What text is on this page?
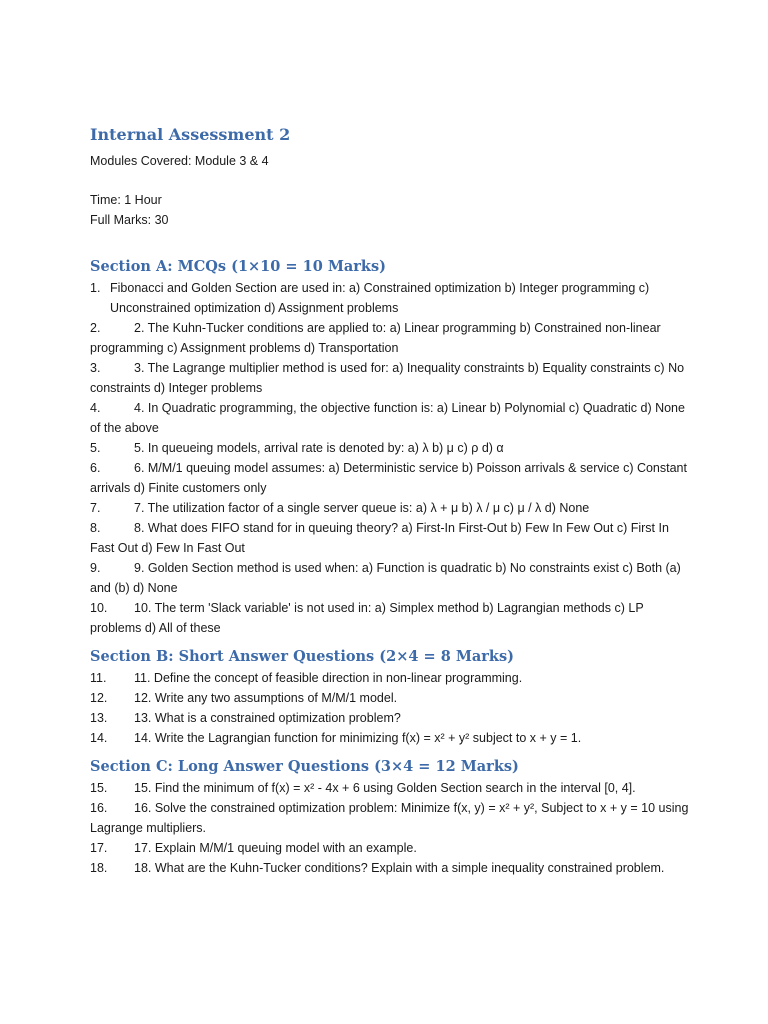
Internal Assessment 2

Modules Covered: Module 3 & 4

Time: 1 Hour

Full Marks: 30

Section A: MCQs (1×10 = 10 Marks)
1. Fibonacci and Golden Section are used in: a) Constrained optimization b) Integer programming c) Unconstrained optimization d) Assignment problems
2.	2. The Kuhn-Tucker conditions are applied to: a) Linear programming b) Constrained non-linear programming c) Assignment problems d) Transportation
3.	3. The Lagrange multiplier method is used for: a) Inequality constraints b) Equality constraints c) No constraints d) Integer problems
4.	4. In Quadratic programming, the objective function is: a) Linear b) Polynomial c) Quadratic d) None of the above
5.	5. In queueing models, arrival rate is denoted by: a) λ b) μ c) ρ d) α
6.	6. M/M/1 queuing model assumes: a) Deterministic service b) Poisson arrivals & service c) Constant arrivals d) Finite customers only
7.	7. The utilization factor of a single server queue is: a) λ + μ b) λ / μ c) μ / λ d) None
8.	8. What does FIFO stand for in queuing theory? a) First-In First-Out b) Few In Few Out c) First In Fast Out d) Few In Fast Out
9.	9. Golden Section method is used when: a) Function is quadratic b) No constraints exist c) Both (a) and (b) d) None
10. 10. The term 'Slack variable' is not used in: a) Simplex method b) Lagrangian methods c) LP problems d) All of these
Section B: Short Answer Questions (2×4 = 8 Marks)
11. 11. Define the concept of feasible direction in non-linear programming.
12. 12. Write any two assumptions of M/M/1 model.
13. 13. What is a constrained optimization problem?
14. 14. Write the Lagrangian function for minimizing f(x) = x² + y² subject to x + y = 1.
Section C: Long Answer Questions (3×4 = 12 Marks)
15. 15. Find the minimum of f(x) = x² - 4x + 6 using Golden Section search in the interval [0, 4].
16. 16. Solve the constrained optimization problem: Minimize f(x, y) = x² + y², Subject to x + y = 10 using Lagrange multipliers.
17. 17. Explain M/M/1 queuing model with an example.
18. 18. What are the Kuhn-Tucker conditions? Explain with a simple inequality constrained problem.
